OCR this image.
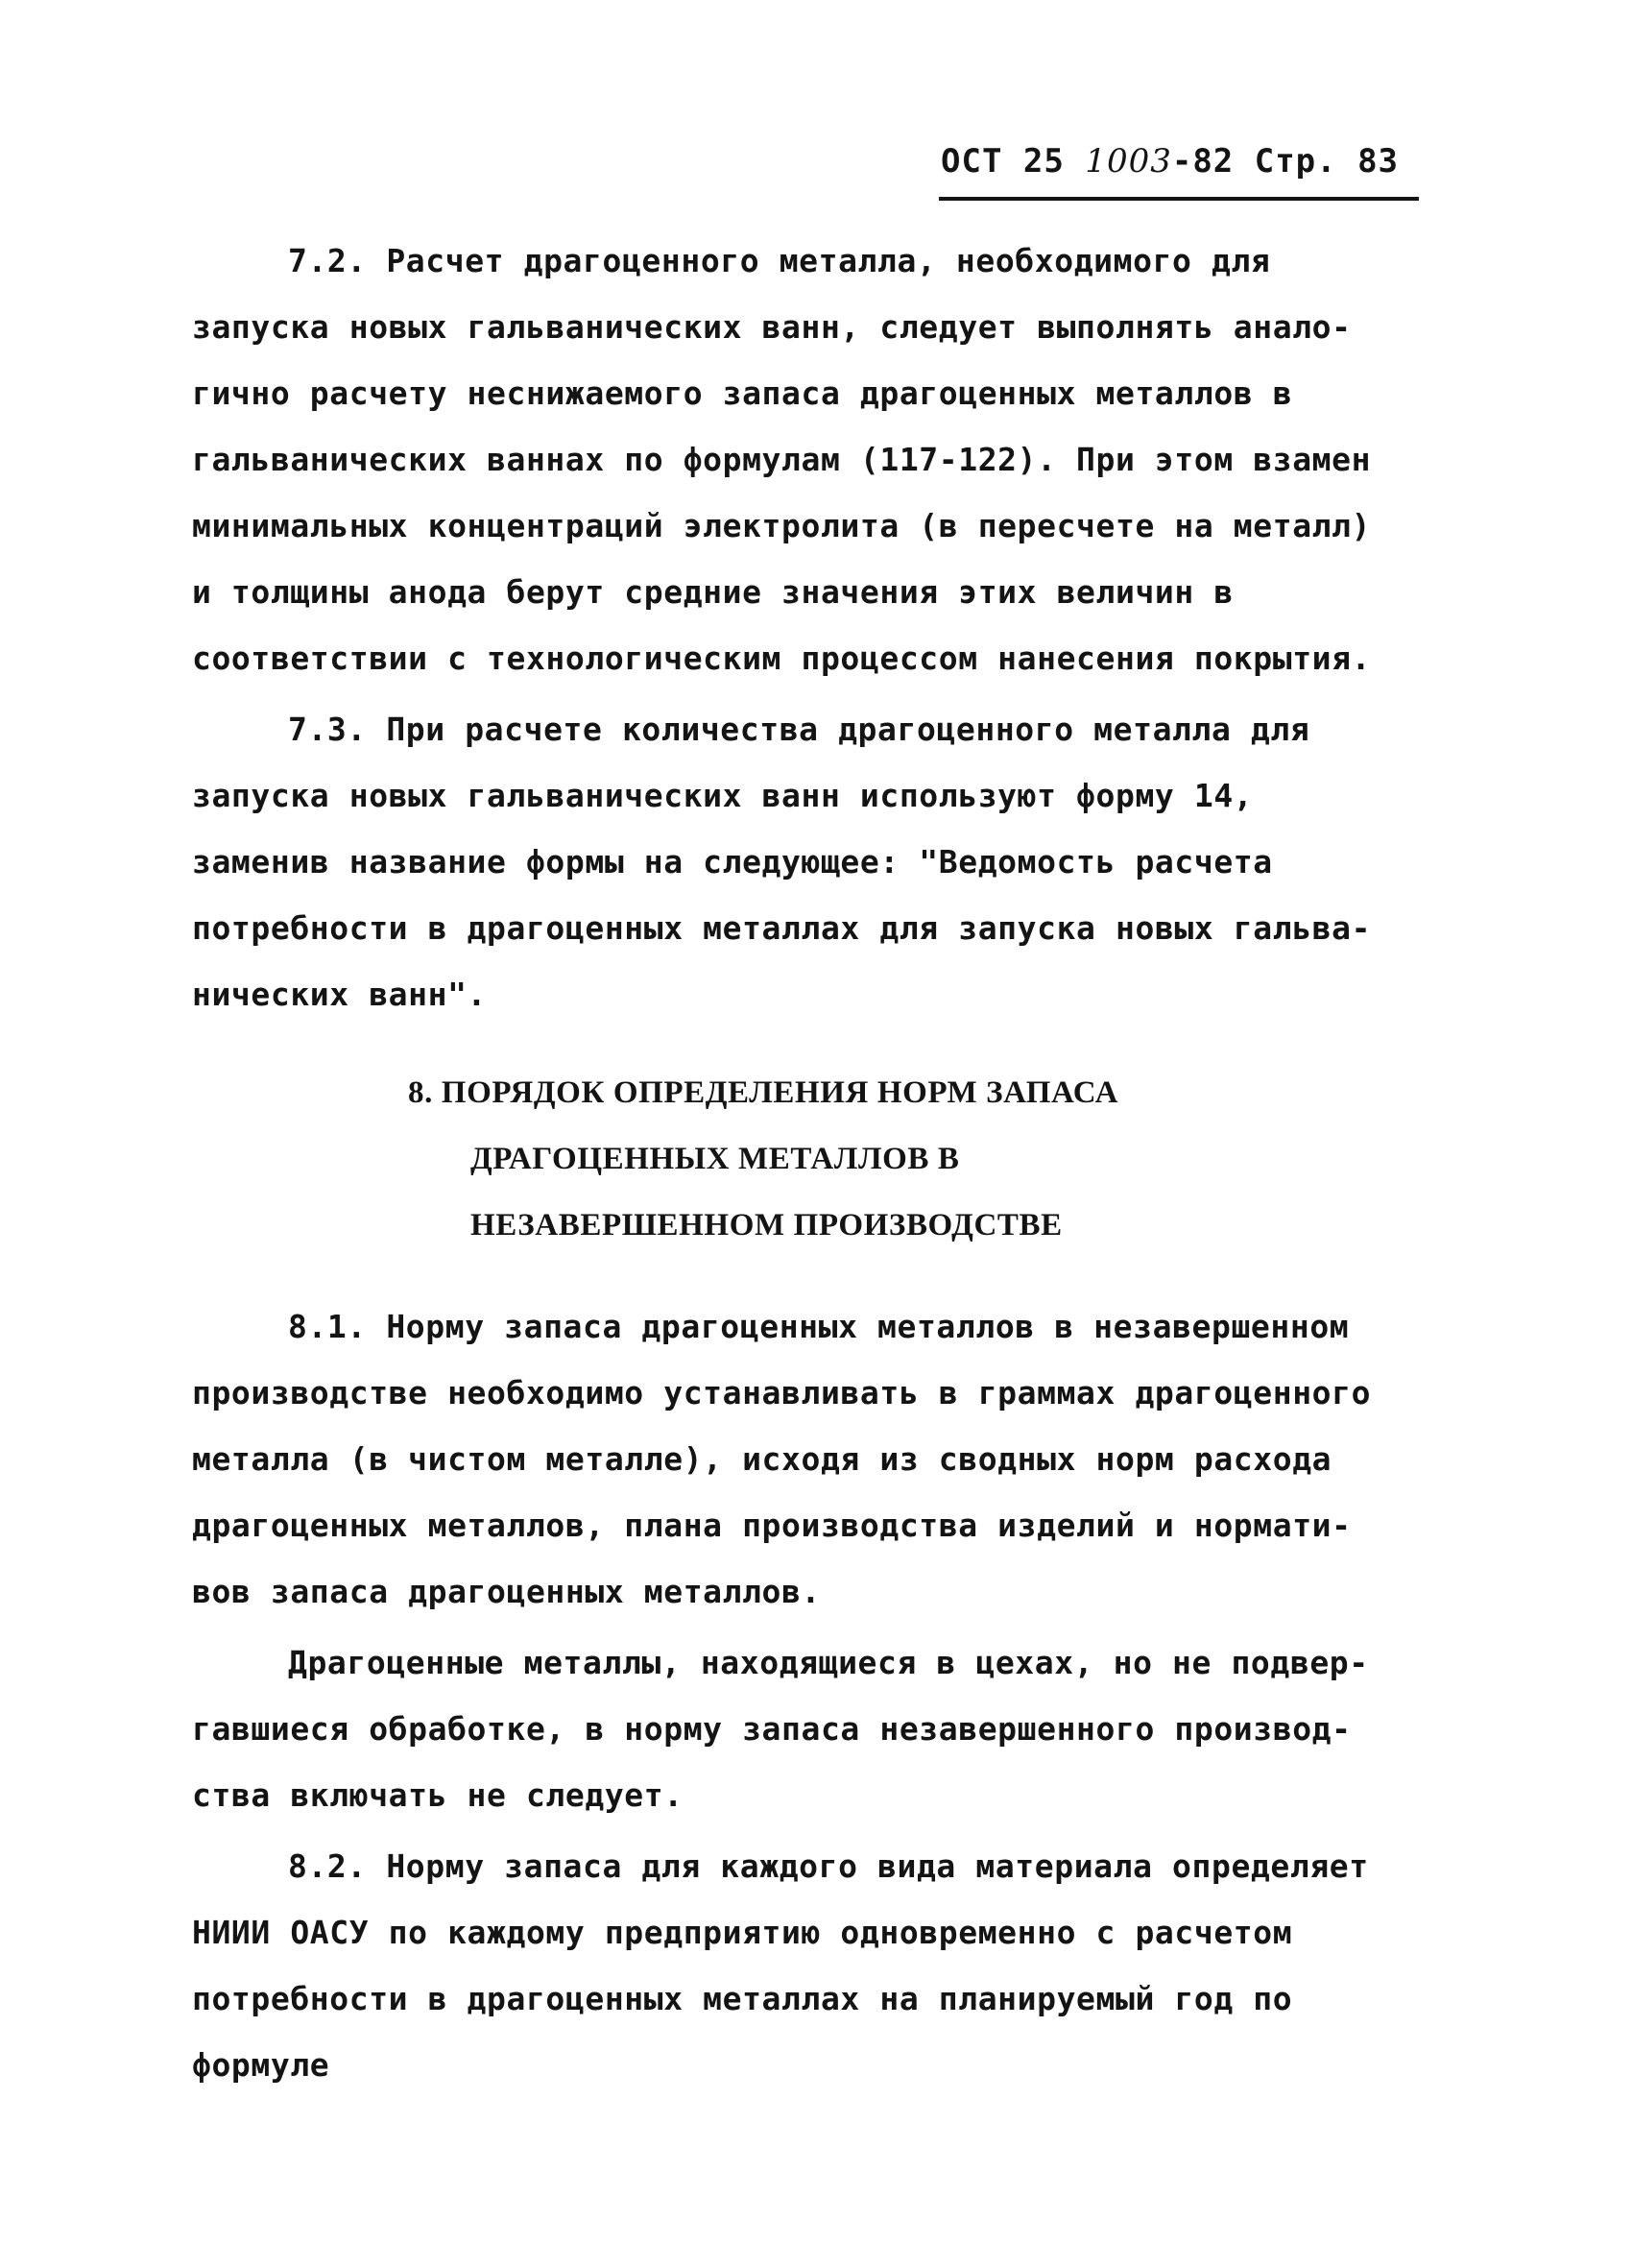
ОСТ 25 1003-82 Стр. 83
7.2. Расчет драгоценного металла, необходимого для
запуска новых гальванических ванн, следует выполнять анало-
гично расчету неснижаемого запаса драгоценных металлов в
гальванических ваннах по формулам (117-122). При этом взамен
минимальных концентраций электролита (в пересчете на металл)
и толщины анода берут средние значения этих величин в
соответствии с технологическим процессом нанесения покрытия.
7.3. При расчете количества драгоценного металла для
запуска новых гальванических ванн используют форму 14,
заменив название формы на следующее: "Ведомость расчета
потребности в драгоценных металлах для запуска новых гальва-
нических ванн".
8. ПОРЯДОК ОПРЕДЕЛЕНИЯ НОРМ ЗАПАСА
ДРАГОЦЕННЫХ МЕТАЛЛОВ В
НЕЗАВЕРШЕННОМ ПРОИЗВОДСТВЕ
8.1. Норму запаса драгоценных металлов в незавершенном
производстве необходимо устанавливать в граммах драгоценного
металла (в чистом металле), исходя из сводных норм расхода
драгоценных металлов, плана производства изделий и нормати-
вов запаса драгоценных металлов.
Драгоценные металлы, находящиеся в цехах, но не подвер-
гавшиеся обработке, в норму запаса незавершенного производ-
ства включать не следует.
8.2. Норму запаса для каждого вида материала определяет
НИИИ ОАСУ по каждому предприятию одновременно с расчетом
потребности в драгоценных металлах на планируемый год по
формуле
